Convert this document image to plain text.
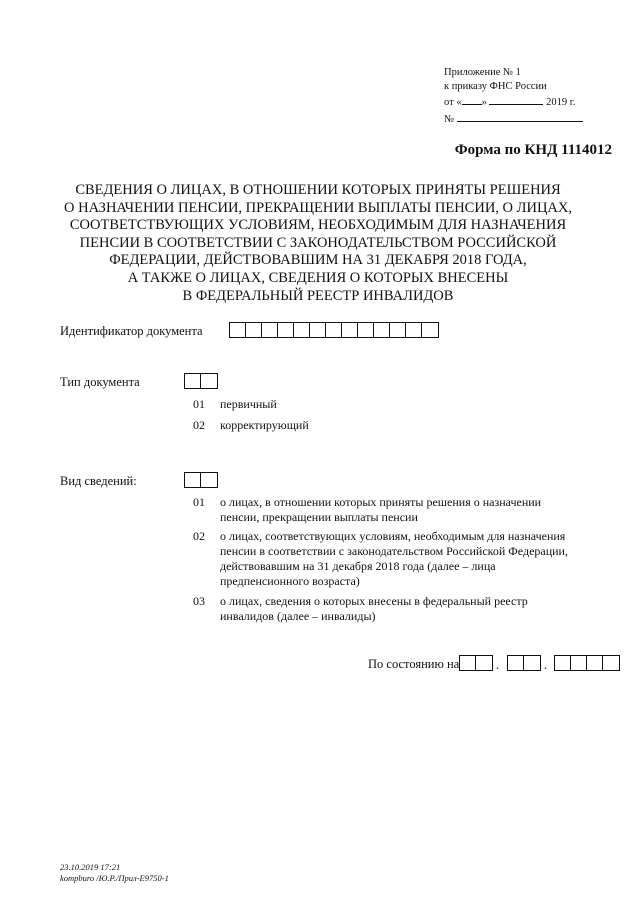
Приложение № 1
к приказу ФНС России
от « »	2019 г.
№
Форма по КНД 1114012
СВЕДЕНИЯ О ЛИЦАХ, В ОТНОШЕНИИ КОТОРЫХ ПРИНЯТЫ РЕШЕНИЯ
О НАЗНАЧЕНИИ ПЕНСИИ, ПРЕКРАЩЕНИИ ВЫПЛАТЫ ПЕНСИИ, О ЛИЦАХ,
СООТВЕТСТВУЮЩИХ УСЛОВИЯМ, НЕОБХОДИМЫМ ДЛЯ НАЗНАЧЕНИЯ
ПЕНСИИ В СООТВЕТСТВИИ С ЗАКОНОДАТЕЛЬСТВОМ РОССИЙСКОЙ
ФЕДЕРАЦИИ, ДЕЙСТВОВАВШИМ НА 31 ДЕКАБРЯ 2018 ГОДА,
А ТАКЖЕ О ЛИЦАХ, СВЕДЕНИЯ О КОТОРЫХ ВНЕСЕНЫ
В ФЕДЕРАЛЬНЫЙ РЕЕСТР ИНВАЛИДОВ
Идентификатор документа
Тип документа
01 первичный
02 корректирующий
Вид сведений:
01 о лицах, в отношении которых приняты решения о назначении
пенсии, прекращении выплаты пенсии
02 о лицах, соответствующих условиям, необходимым для назначения
пенсии в соответствии с законодательством Российской Федерации,
действовавшим на 31 декабря 2018 года (далее – лица
предпенсионного возраста)
03 о лицах, сведения о которых внесены в федеральный реестр
инвалидов (далее – инвалиды)
По состоянию на	.	.
23.10.2019 17:21
kompburo /Ю.Р./Прил-Е9750-1
